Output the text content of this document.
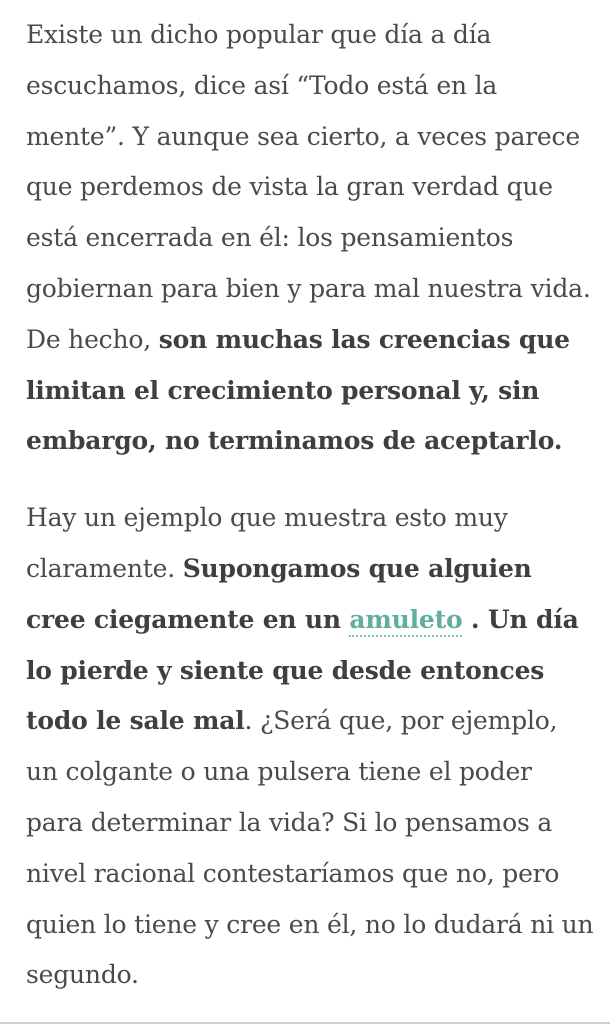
Existe un dicho popular que día a día escuchamos, dice así “Todo está en la mente”. Y aunque sea cierto, a veces parece que perdemos de vista la gran verdad que está encerrada en él: los pensamientos gobiernan para bien y para mal nuestra vida. De hecho, son muchas las creencias que limitan el crecimiento personal y, sin embargo, no terminamos de aceptarlo.

Hay un ejemplo que muestra esto muy claramente. Supongamos que alguien cree ciegamente en un amuleto . Un día lo pierde y siente que desde entonces todo le sale mal. ¿Será que, por ejemplo, un colgante o una pulsera tiene el poder para determinar la vida? Si lo pensamos a nivel racional contestaríamos que no, pero quien lo tiene y cree en él, no lo dudará ni un segundo.
